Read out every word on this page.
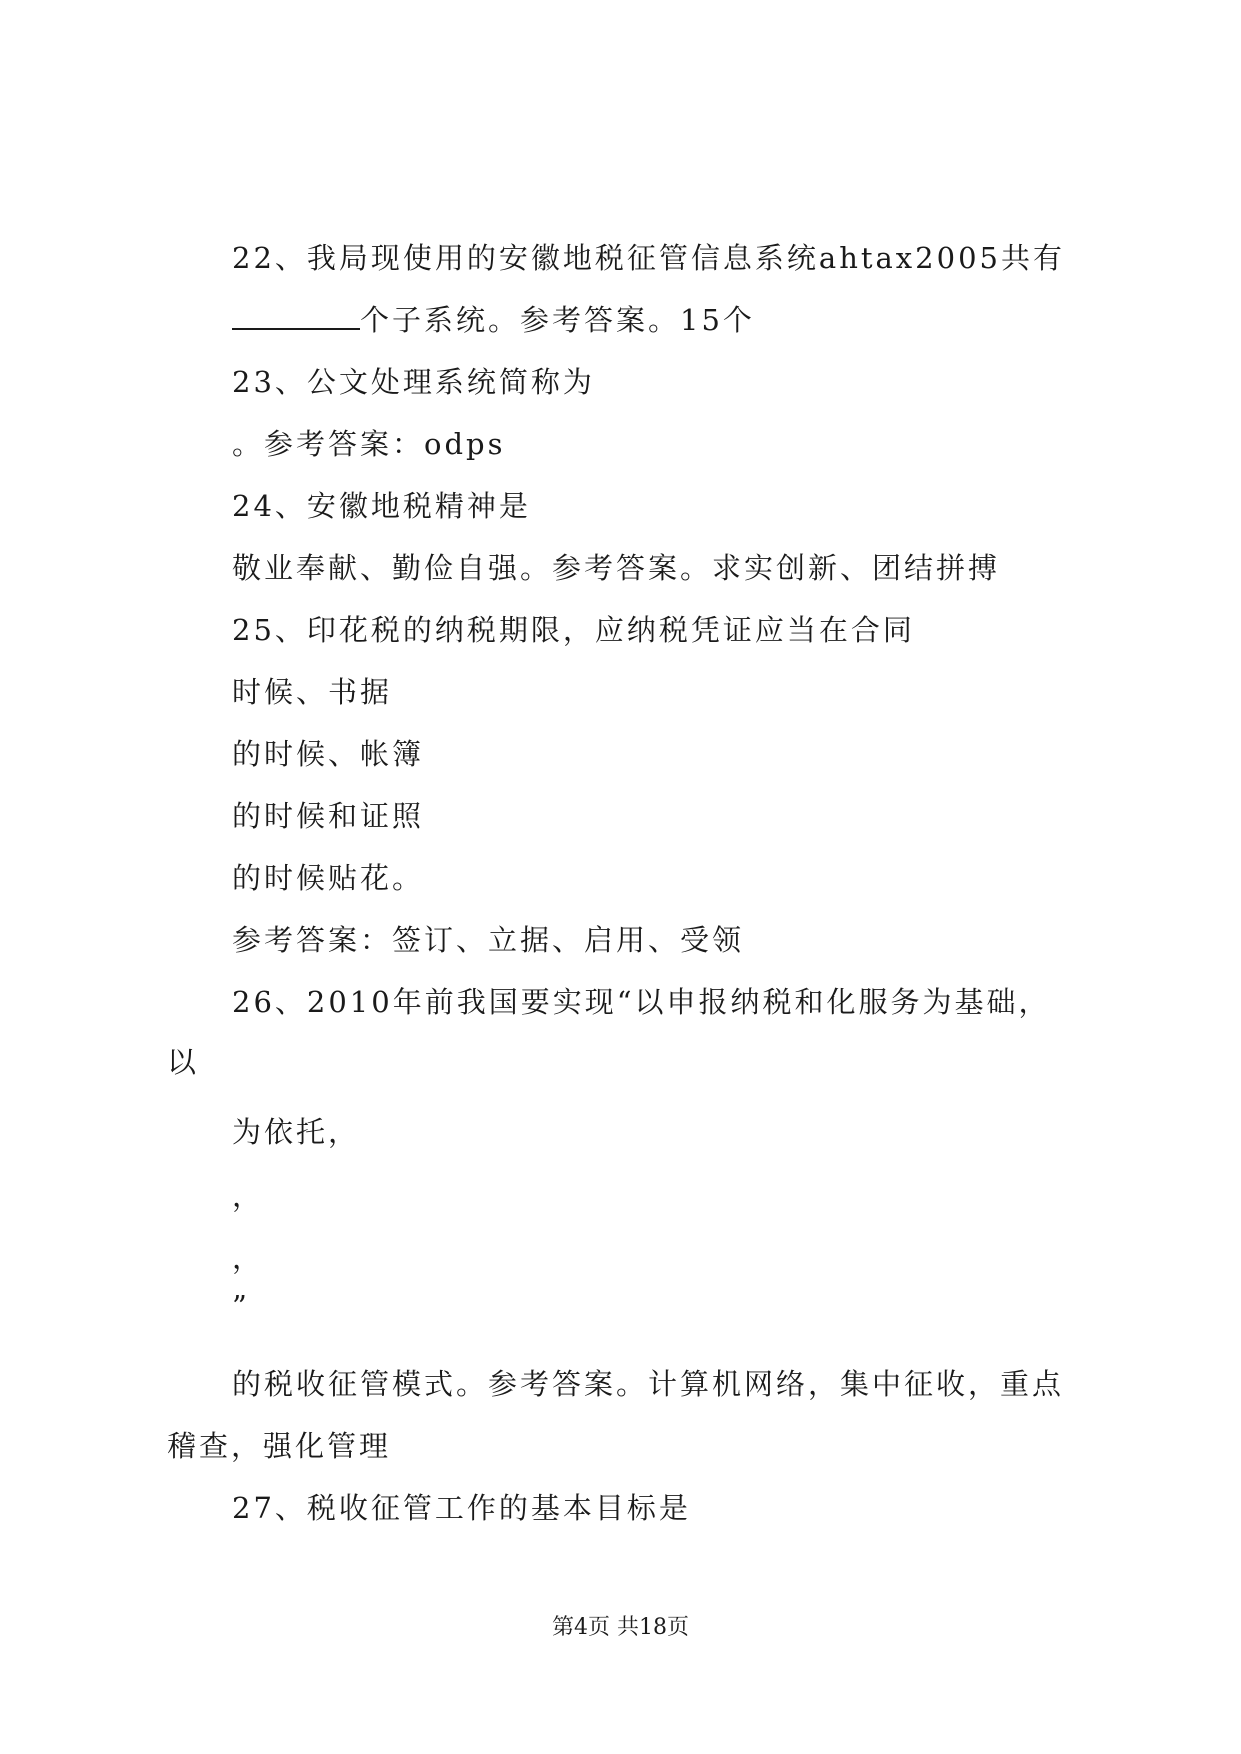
22、我局现使用的安徽地税征管信息系统ahtax2005共有
个子系统。参考答案。15个
23、公文处理系统简称为
。参考答案：odps
24、安徽地税精神是
敬业奉献、勤俭自强。参考答案。求实创新、团结拼搏
25、印花税的纳税期限，应纳税凭证应当在合同
时候、书据
的时候、帐簿
的时候和证照
的时候贴花。
参考答案：签订、立据、启用、受领
26、2010年前我国要实现“以申报纳税和化服务为基础，
以
为依托，
，
，
”
的税收征管模式。参考答案。计算机网络，集中征收，重点
稽查，强化管理
27、税收征管工作的基本目标是
第4页 共18页
